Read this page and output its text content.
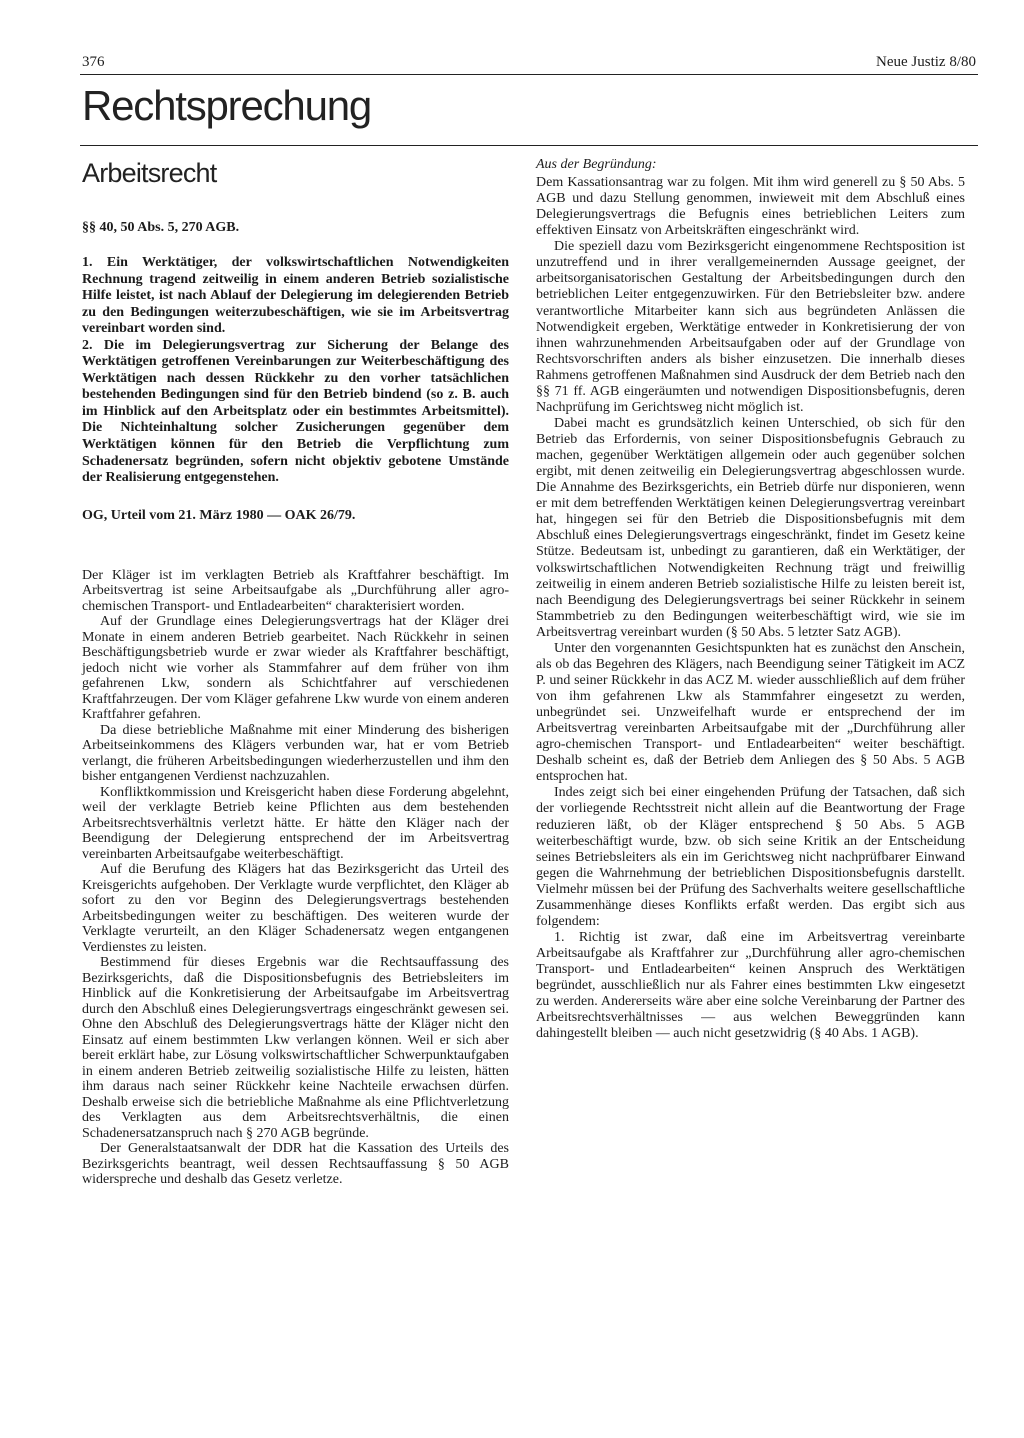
376	Neue Justiz 8/80
Rechtsprechung
Arbeitsrecht

§§ 40, 50 Abs. 5, 270 AGB.

1. Ein Werktätiger, der volkswirtschaftlichen Notwendigkeiten Rechnung tragend zeitweilig in einem anderen Betrieb sozialistische Hilfe leistet, ist nach Ablauf der Delegierung im delegierenden Betrieb zu den Bedingungen weiterzubeschäftigen, wie sie im Arbeitsvertrag vereinbart worden sind.

2. Die im Delegierungsvertrag zur Sicherung der Belange des Werktätigen getroffenen Vereinbarungen zur Weiterbeschäftigung des Werktätigen nach dessen Rückkehr zu den vorher tatsächlichen bestehenden Bedingungen sind für den Betrieb bindend (so z. B. auch im Hinblick auf den Arbeitsplatz oder ein bestimmtes Arbeitsmittel). Die Nichteinhaltung solcher Zusicherungen gegenüber dem Werktätigen können für den Betrieb die Verpflichtung zum Schadenersatz begründen, sofern nicht objektiv gebotene Umstände der Realisierung entgegenstehen.

OG, Urteil vom 21. März 1980 — OAK 26/79.

Der Kläger ist im verklagten Betrieb als Kraftfahrer beschäftigt. Im Arbeitsvertrag ist seine Arbeitsaufgabe als „Durchführung aller agro-chemischen Transport- und Entladearbeiten“ charakterisiert worden.

Auf der Grundlage eines Delegierungsvertrags hat der Kläger drei Monate in einem anderen Betrieb gearbeitet. Nach Rückkehr in seinen Beschäftigungsbetrieb wurde er zwar wieder als Kraftfahrer beschäftigt, jedoch nicht wie vorher als Stammfahrer auf dem früher von ihm gefahrenen Lkw, sondern als Schichtfahrer auf verschiedenen Kraftfahrzeugen. Der vom Kläger gefahrene Lkw wurde von einem anderen Kraftfahrer gefahren.

Da diese betriebliche Maßnahme mit einer Minderung des bisherigen Arbeitseinkommens des Klägers verbunden war, hat er vom Betrieb verlangt, die früheren Arbeitsbedingungen wiederherzustellen und ihm den bisher entgangenen Verdienst nachzuzahlen.

Konfliktkommission und Kreisgericht haben diese Forderung abgelehnt, weil der verklagte Betrieb keine Pflichten aus dem bestehenden Arbeitsrechtsverhältnis verletzt hätte. Er hätte den Kläger nach der Beendigung der Delegierung entsprechend der im Arbeitsvertrag vereinbarten Arbeitsaufgabe weiterbeschäftigt.

Auf die Berufung des Klägers hat das Bezirksgericht das Urteil des Kreisgerichts aufgehoben. Der Verklagte wurde verpflichtet, den Kläger ab sofort zu den vor Beginn des Delegierungsvertrags bestehenden Arbeitsbedingungen weiter zu beschäftigen. Des weiteren wurde der Verklagte verurteilt, an den Kläger Schadenersatz wegen entgangenen Verdienstes zu leisten.

Bestimmend für dieses Ergebnis war die Rechtsauffassung des Bezirksgerichts, daß die Dispositionsbefugnis des Betriebsleiters im Hinblick auf die Konkretisierung der Arbeitsaufgabe im Arbeitsvertrag durch den Abschluß eines Delegierungsvertrags eingeschränkt gewesen sei. Ohne den Abschluß des Delegierungsvertrags hätte der Kläger nicht den Einsatz auf einem bestimmten Lkw verlangen können. Weil er sich aber bereit erklärt habe, zur Lösung volkswirtschaftlicher Schwerpunktaufgaben in einem anderen Betrieb zeitweilig sozialistische Hilfe zu leisten, hätten ihm daraus nach seiner Rückkehr keine Nachteile erwachsen dürfen. Deshalb erweise sich die betriebliche Maßnahme als eine Pflichtverletzung des Verklagten aus dem Arbeitsrechtsverhältnis, die einen Schadenersatzanspruch nach § 270 AGB begründe.

Der Generalstaatsanwalt der DDR hat die Kassation des Urteils des Bezirksgerichts beantragt, weil dessen Rechtsauffassung § 50 AGB widerspreche und deshalb das Gesetz verletze.

Aus der Begründung:

Dem Kassationsantrag war zu folgen. Mit ihm wird generell zu § 50 Abs. 5 AGB und dazu Stellung genommen, inwieweit mit dem Abschluß eines Delegierungsvertrags die Befugnis eines betrieblichen Leiters zum effektiven Einsatz von Arbeitskräften eingeschränkt wird.

Die speziell dazu vom Bezirksgericht eingenommene Rechtsposition ist unzutreffend und in ihrer verallgemeinernden Aussage geeignet, der arbeitsorganisatorischen Gestaltung der Arbeitsbedingungen durch den betrieblichen Leiter entgegenzuwirken. Für den Betriebsleiter bzw. andere verantwortliche Mitarbeiter kann sich aus begründeten Anlässen die Notwendigkeit ergeben, Werktätige entweder in Konkretisierung der von ihnen wahrzunehmenden Arbeitsaufgaben oder auf der Grundlage von Rechtsvorschriften anders als bisher einzusetzen. Die innerhalb dieses Rahmens getroffenen Maßnahmen sind Ausdruck der dem Betrieb nach den §§ 71 ff. AGB eingeräumten und notwendigen Dispositionsbefugnis, deren Nachprüfung im Gerichtsweg nicht möglich ist.

Dabei macht es grundsätzlich keinen Unterschied, ob sich für den Betrieb das Erfordernis, von seiner Dispositionsbefugnis Gebrauch zu machen, gegenüber Werktätigen allgemein oder auch gegenüber solchen ergibt, mit denen zeitweilig ein Delegierungsvertrag abgeschlossen wurde. Die Annahme des Bezirksgerichts, ein Betrieb dürfe nur disponieren, wenn er mit dem betreffenden Werktätigen keinen Delegierungsvertrag vereinbart hat, hingegen sei für den Betrieb die Dispositionsbefugnis mit dem Abschluß eines Delegierungsvertrags eingeschränkt, findet im Gesetz keine Stütze. Bedeutsam ist, unbedingt zu garantieren, daß ein Werktätiger, der volkswirtschaftlichen Notwendigkeiten Rechnung trägt und freiwillig zeitweilig in einem anderen Betrieb sozialistische Hilfe zu leisten bereit ist, nach Beendigung des Delegierungsvertrags bei seiner Rückkehr in seinem Stammbetrieb zu den Bedingungen weiterbeschäftigt wird, wie sie im Arbeitsvertrag vereinbart wurden (§ 50 Abs. 5 letzter Satz AGB).

Unter den vorgenannten Gesichtspunkten hat es zunächst den Anschein, als ob das Begehren des Klägers, nach Beendigung seiner Tätigkeit im ACZ P. und seiner Rückkehr in das ACZ M. wieder ausschließlich auf dem früher von ihm gefahrenen Lkw als Stammfahrer eingesetzt zu werden, unbegründet sei. Unzweifelhaft wurde er entsprechend der im Arbeitsvertrag vereinbarten Arbeitsaufgabe mit der „Durchführung aller agro-chemischen Transport- und Entladearbeiten“ weiter beschäftigt. Deshalb scheint es, daß der Betrieb dem Anliegen des § 50 Abs. 5 AGB entsprochen hat.

Indes zeigt sich bei einer eingehenden Prüfung der Tatsachen, daß sich der vorliegende Rechtsstreit nicht allein auf die Beantwortung der Frage reduzieren läßt, ob der Kläger entsprechend § 50 Abs. 5 AGB weiterbeschäftigt wurde, bzw. ob sich seine Kritik an der Entscheidung seines Betriebsleiters als ein im Gerichtsweg nicht nachprüfbarer Einwand gegen die Wahrnehmung der betrieblichen Dispositionsbefugnis darstellt. Vielmehr müssen bei der Prüfung des Sachverhalts weitere gesellschaftliche Zusammenhänge dieses Konflikts erfaßt werden. Das ergibt sich aus folgendem:

1. Richtig ist zwar, daß eine im Arbeitsvertrag vereinbarte Arbeitsaufgabe als Kraftfahrer zur „Durchführung aller agro-chemischen Transport- und Entladearbeiten“ keinen Anspruch des Werktätigen begründet, ausschließlich nur als Fahrer eines bestimmten Lkw eingesetzt zu werden. Andererseits wäre aber eine solche Vereinbarung der Partner des Arbeitsrechtsverhältnisses — aus welchen Beweggründen kann dahingestellt bleiben — auch nicht gesetzwidrig (§ 40 Abs. 1 AGB).
